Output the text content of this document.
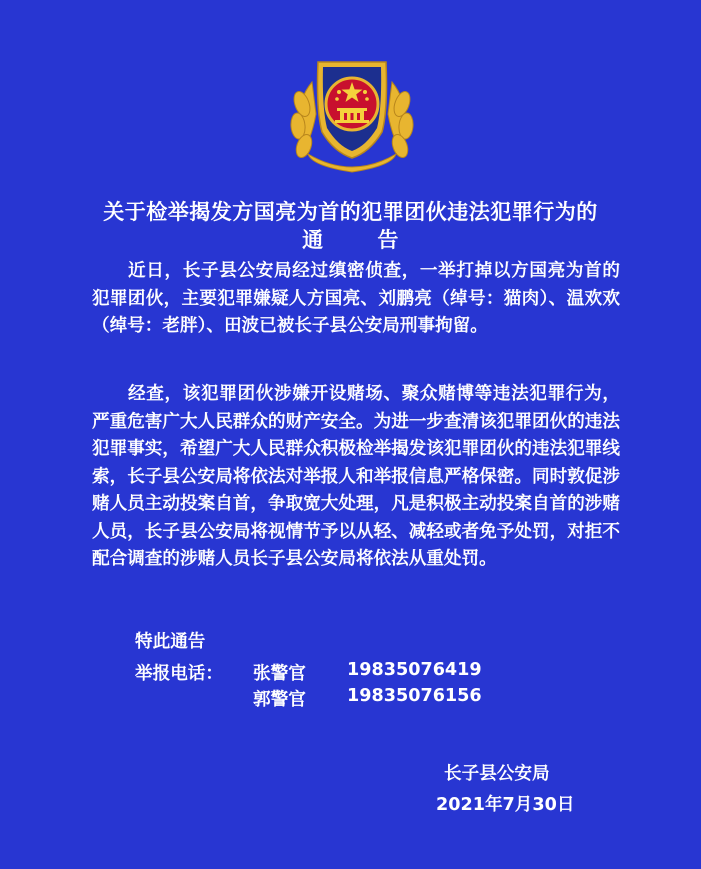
关于检举揭发方国亮为首的犯罪团伙违法犯罪行为的
通 告

近日，长子县公安局经过缜密侦查，一举打掉以方国亮为首的犯罪团伙，主要犯罪嫌疑人方国亮、刘鹏亮（绰号：猫肉）、温欢欢（绰号：老胖）、田波已被长子县公安局刑事拘留。

经查，该犯罪团伙涉嫌开设赌场、聚众赌博等违法犯罪行为，严重危害广大人民群众的财产安全。为进一步查清该犯罪团伙的违法犯罪事实，希望广大人民群众积极检举揭发该犯罪团伙的违法犯罪线索，长子县公安局将依法对举报人和举报信息严格保密。同时敦促涉赌人员主动投案自首，争取宽大处理，凡是积极主动投案自首的涉赌人员，长子县公安局将视情节予以从轻、减轻或者免予处罚，对拒不配合调查的涉赌人员长子县公安局将依法从重处罚。

特此通告
举报电话： 张警官 19835076419
郭警官 19835076156
长子县公安局
2021年7月30日
